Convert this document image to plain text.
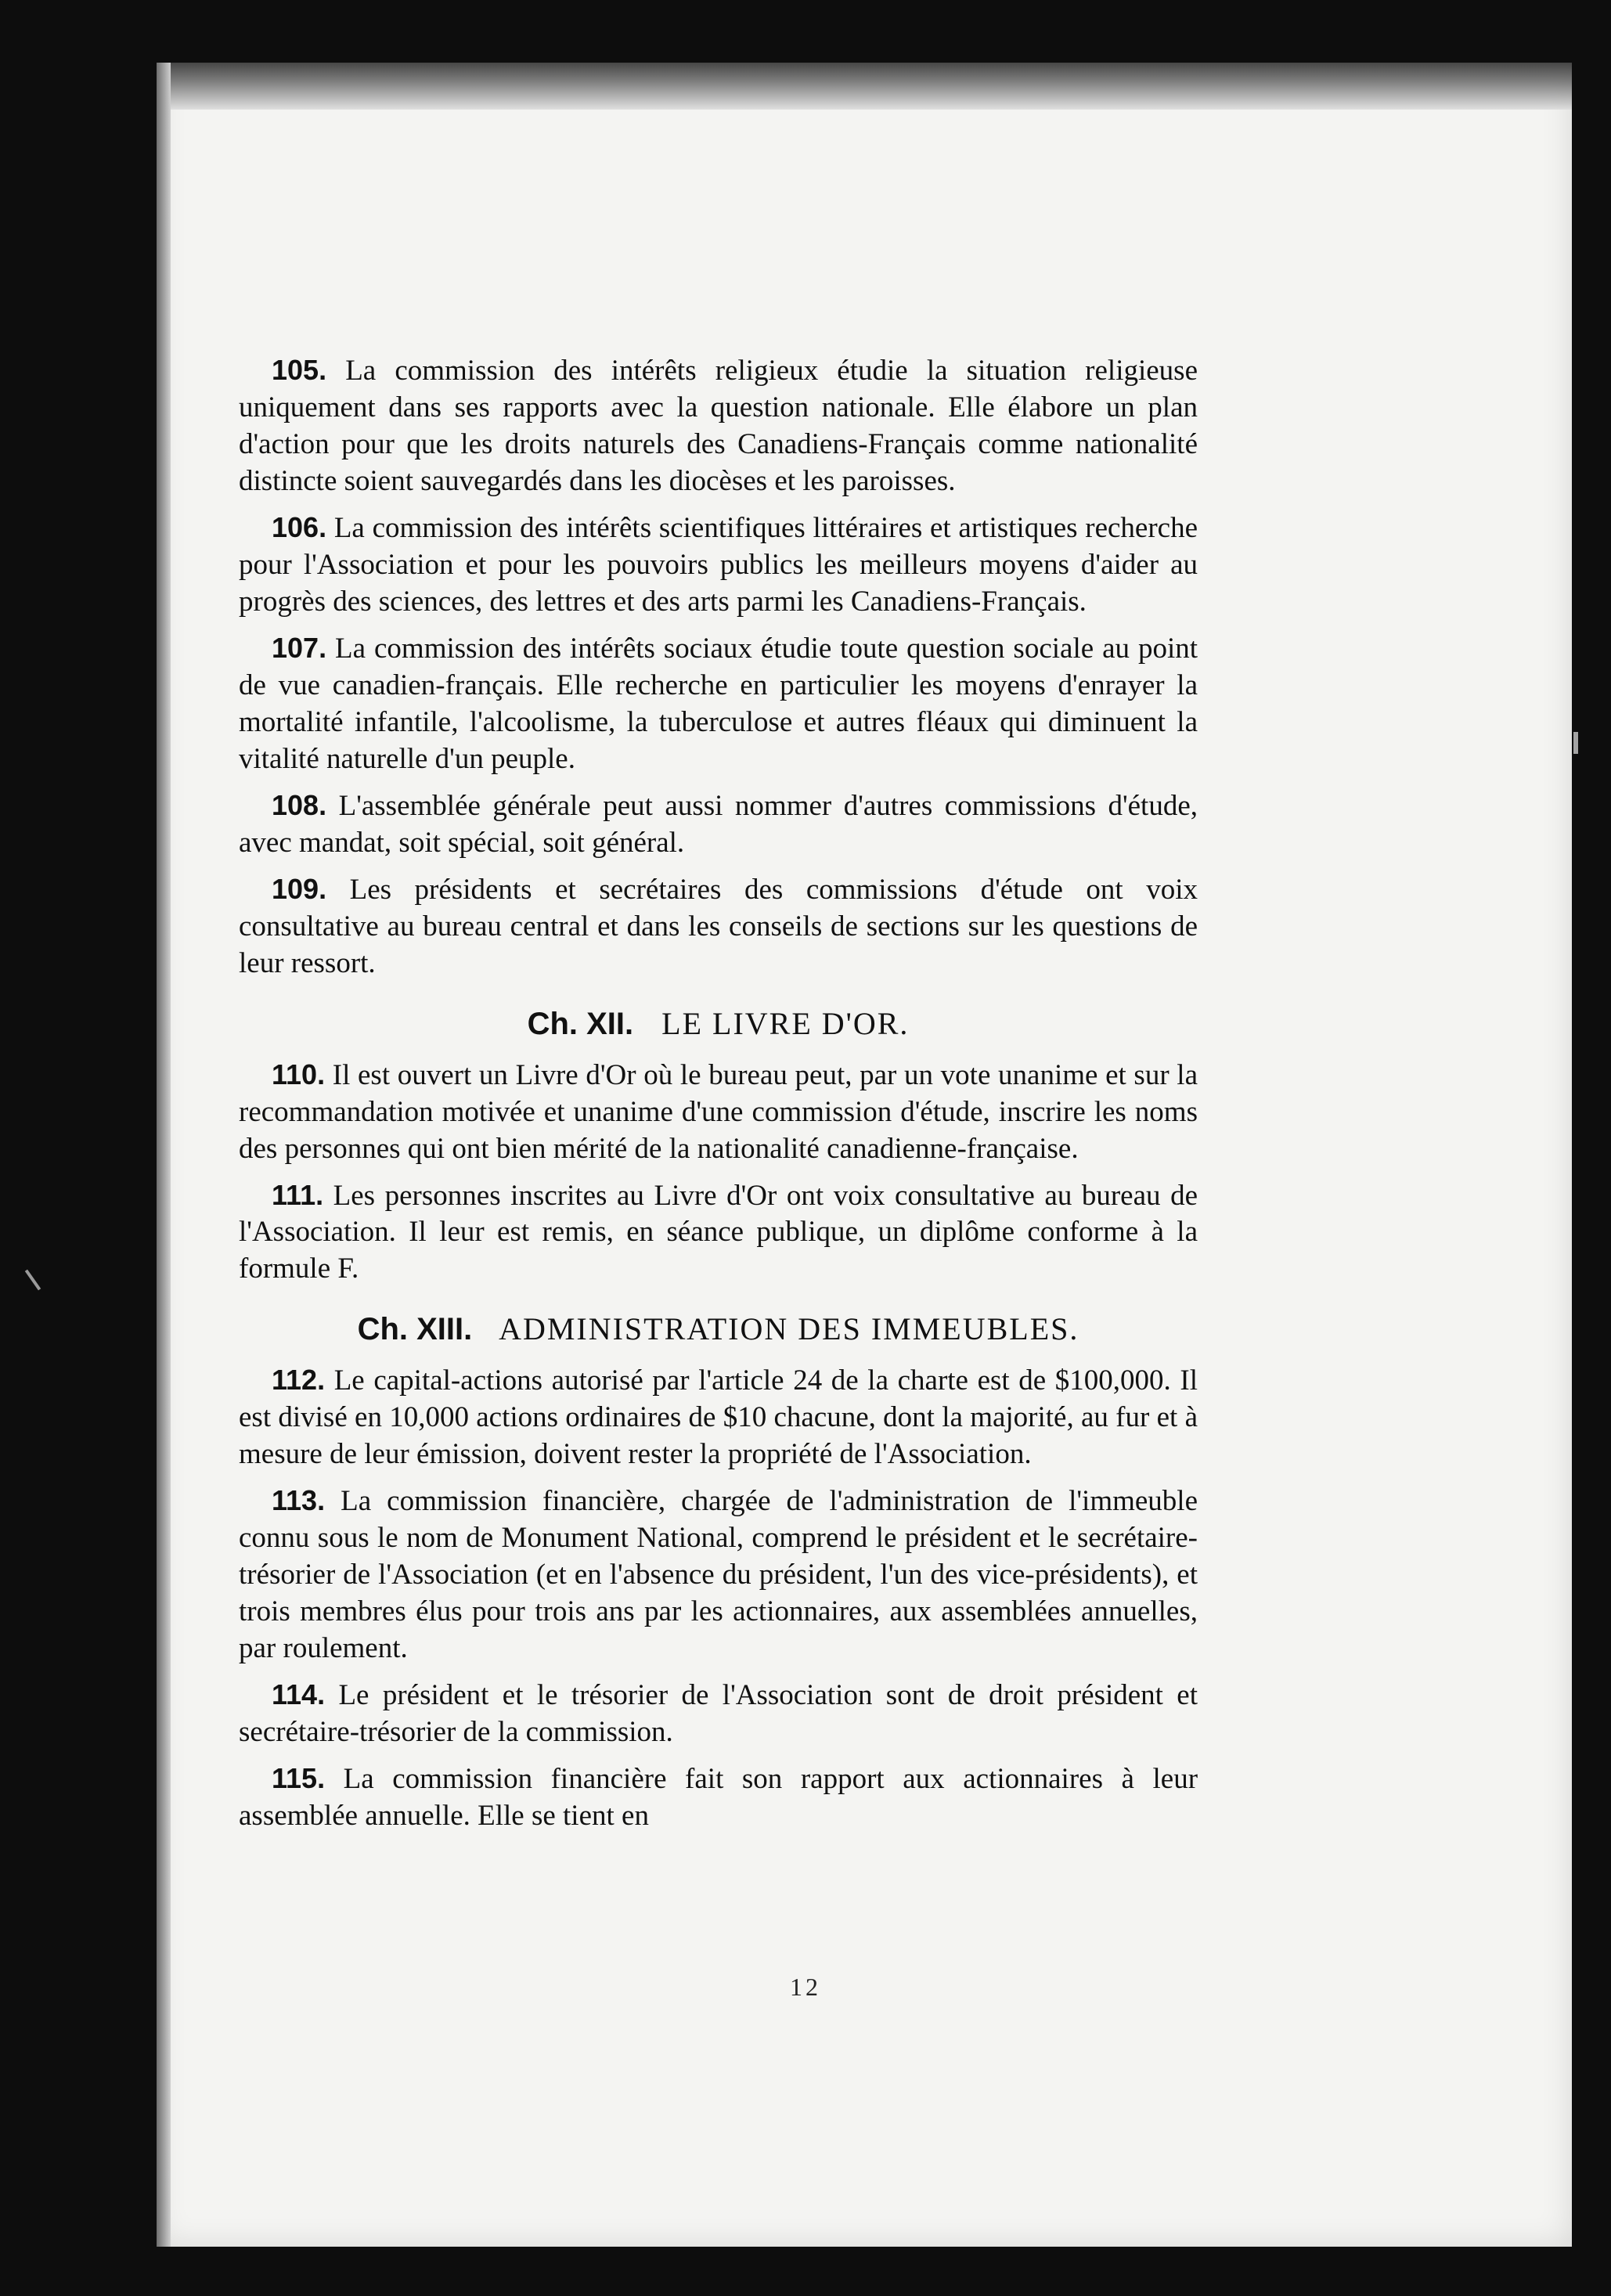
105. La commission des intérêts religieux étudie la situation religieuse uniquement dans ses rapports avec la question nationale. Elle élabore un plan d'action pour que les droits naturels des Canadiens-Français comme nationalité distincte soient sauvegardés dans les diocèses et les paroisses.

106. La commission des intérêts scientifiques littéraires et artistiques recherche pour l'Association et pour les pouvoirs publics les meilleurs moyens d'aider au progrès des sciences, des lettres et des arts parmi les Canadiens-Français.

107. La commission des intérêts sociaux étudie toute question sociale au point de vue canadien-français. Elle recherche en particulier les moyens d'enrayer la mortalité infantile, l'alcoolisme, la tuberculose et autres fléaux qui diminuent la vitalité naturelle d'un peuple.

108. L'assemblée générale peut aussi nommer d'autres commissions d'étude, avec mandat, soit spécial, soit général.

109. Les présidents et secrétaires des commissions d'étude ont voix consultative au bureau central et dans les conseils de sections sur les questions de leur ressort.

Ch. XII. LE LIVRE D'OR.

110. Il est ouvert un Livre d'Or où le bureau peut, par un vote unanime et sur la recommandation motivée et unanime d'une commission d'étude, inscrire les noms des personnes qui ont bien mérité de la nationalité canadienne-française.

111. Les personnes inscrites au Livre d'Or ont voix consultative au bureau de l'Association. Il leur est remis, en séance publique, un diplôme conforme à la formule F.

Ch. XIII. ADMINISTRATION DES IMMEUBLES.

112. Le capital-actions autorisé par l'article 24 de la charte est de $100,000. Il est divisé en 10,000 actions ordinaires de $10 chacune, dont la majorité, au fur et à mesure de leur émission, doivent rester la propriété de l'Association.

113. La commission financière, chargée de l'administration de l'immeuble connu sous le nom de Monument National, comprend le président et le secrétaire-trésorier de l'Association (et en l'absence du président, l'un des vice-présidents), et trois membres élus pour trois ans par les actionnaires, aux assemblées annuelles, par roulement.

114. Le président et le trésorier de l'Association sont de droit président et secrétaire-trésorier de la commission.

115. La commission financière fait son rapport aux actionnaires à leur assemblée annuelle. Elle se tient en

12
